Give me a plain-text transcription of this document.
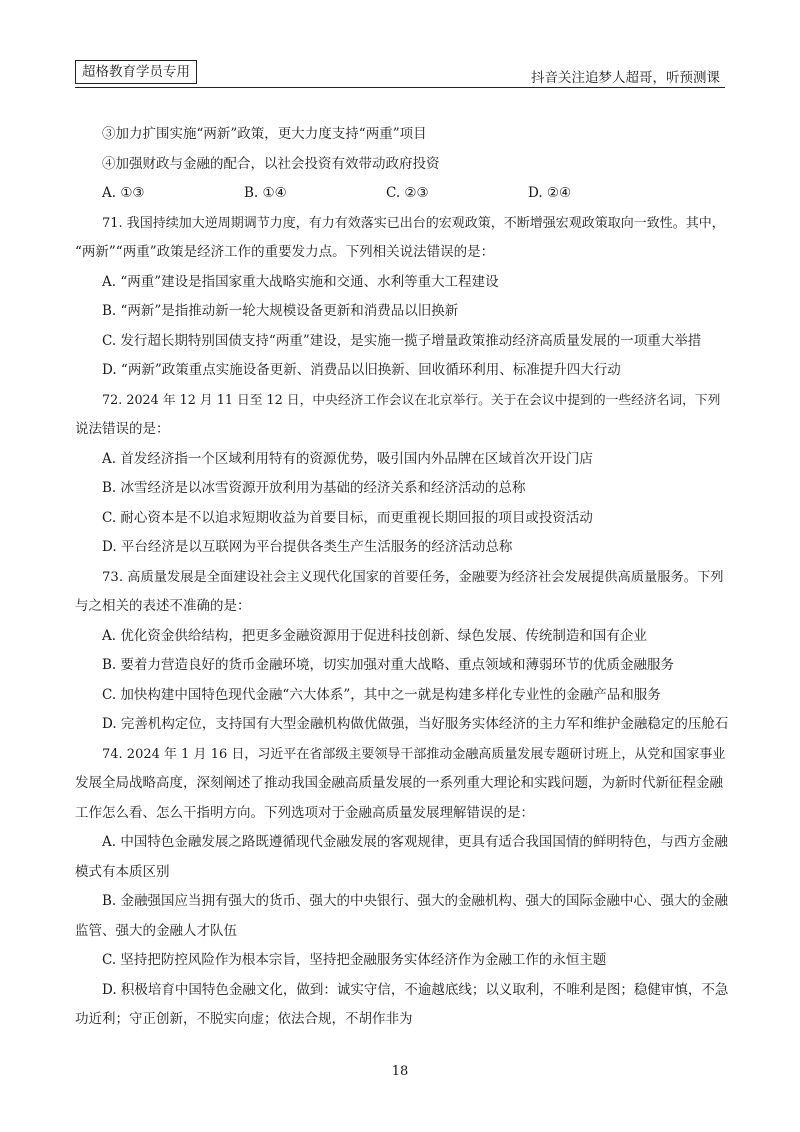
超格教育学员专用	抖音关注追梦人超哥，听预测课
③加力扩围实施“两新”政策，更大力度支持“两重”项目
④加强财政与金融的配合，以社会投资有效带动政府投资
A. ①③	B. ①④	C. ②③	D. ②④
71. 我国持续加大逆周期调节力度，有力有效落实已出台的宏观政策，不断增强宏观政策取向一致性。其中，
“两新”“两重”政策是经济工作的重要发力点。下列相关说法错误的是：
A. “两重”建设是指国家重大战略实施和交通、水利等重大工程建设
B. “两新”是指推动新一轮大规模设备更新和消费品以旧换新
C. 发行超长期特别国债支持“两重”建设，是实施一揽子增量政策推动经济高质量发展的一项重大举措
D. “两新”政策重点实施设备更新、消费品以旧换新、回收循环利用、标准提升四大行动
72. 2024 年 12 月 11 日至 12 日，中央经济工作会议在北京举行。关于在会议中提到的一些经济名词，下列
说法错误的是：
A. 首发经济指一个区域利用特有的资源优势，吸引国内外品牌在区域首次开设门店
B. 冰雪经济是以冰雪资源开放利用为基础的经济关系和经济活动的总称
C. 耐心资本是不以追求短期收益为首要目标，而更重视长期回报的项目或投资活动
D. 平台经济是以互联网为平台提供各类生产生活服务的经济活动总称
73. 高质量发展是全面建设社会主义现代化国家的首要任务，金融要为经济社会发展提供高质量服务。下列
与之相关的表述不准确的是：
A. 优化资金供给结构，把更多金融资源用于促进科技创新、绿色发展、传统制造和国有企业
B. 要着力营造良好的货币金融环境，切实加强对重大战略、重点领域和薄弱环节的优质金融服务
C. 加快构建中国特色现代金融“六大体系”，其中之一就是构建多样化专业性的金融产品和服务
D. 完善机构定位，支持国有大型金融机构做优做强，当好服务实体经济的主力军和维护金融稳定的压舱石
74. 2024 年 1 月 16 日，习近平在省部级主要领导干部推动金融高质量发展专题研讨班上，从党和国家事业
发展全局战略高度，深刻阐述了推动我国金融高质量发展的一系列重大理论和实践问题，为新时代新征程金融
工作怎么看、怎么干指明方向。下列选项对于金融高质量发展理解错误的是：
A. 中国特色金融发展之路既遵循现代金融发展的客观规律，更具有适合我国国情的鲜明特色，与西方金融
模式有本质区别
B. 金融强国应当拥有强大的货币、强大的中央银行、强大的金融机构、强大的国际金融中心、强大的金融
监管、强大的金融人才队伍
C. 坚持把防控风险作为根本宗旨，坚持把金融服务实体经济作为金融工作的永恒主题
D. 积极培育中国特色金融文化，做到：诚实守信，不逾越底线；以义取利，不唯利是图；稳健审慎，不急
功近利；守正创新，不脱实向虚；依法合规，不胡作非为
18
